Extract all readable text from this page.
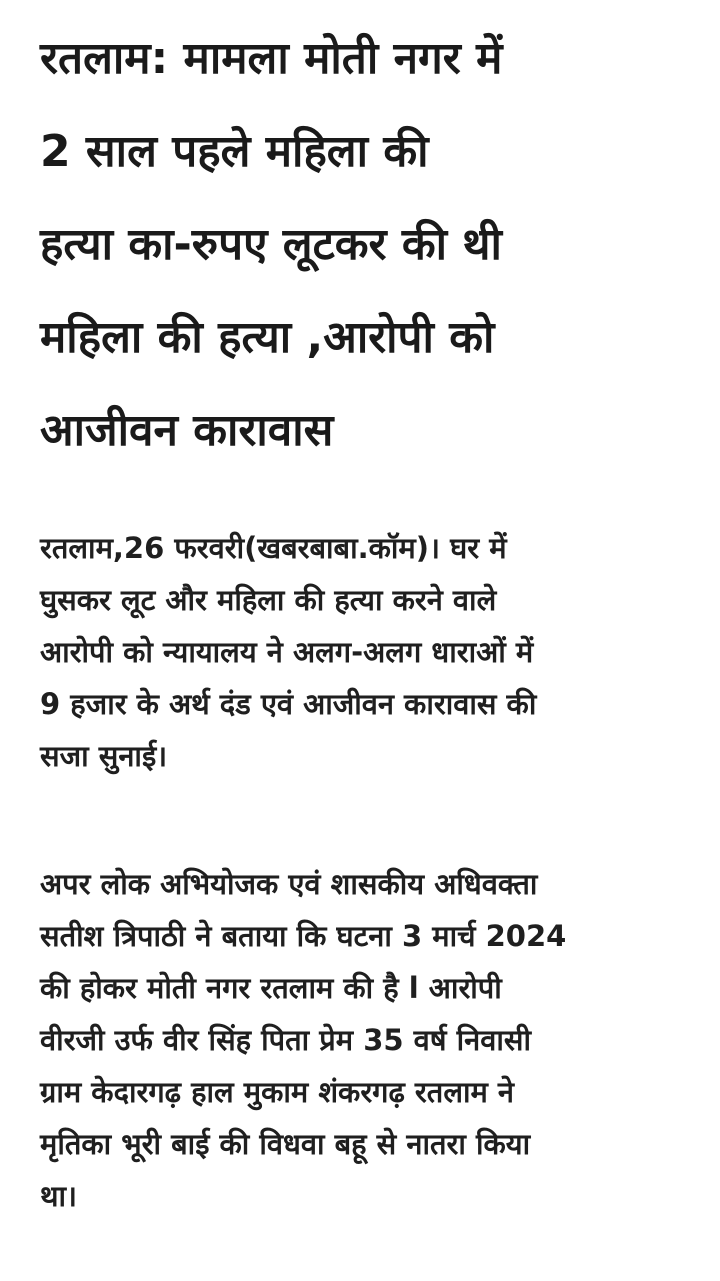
रतलाम: मामला मोती नगर में
2 साल पहले महिला की
हत्या का-रुपए लूटकर की थी
महिला की हत्या ,आरोपी को
आजीवन कारावास

रतलाम,26 फरवरी(खबरबाबा.कॉम)। घर में
घुसकर लूट और महिला की हत्या करने वाले
आरोपी को न्यायालय ने अलग-अलग धाराओं में
9 हजार के अर्थ दंड एवं आजीवन कारावास की
सजा सुनाई।

अपर लोक अभियोजक एवं शासकीय अधिवक्ता
सतीश त्रिपाठी ने बताया कि घटना 3 मार्च 2024
की होकर मोती नगर रतलाम की है l आरोपी
वीरजी उर्फ वीर सिंह पिता प्रेम 35 वर्ष निवासी
ग्राम केदारगढ़ हाल मुकाम शंकरगढ़ रतलाम ने
मृतिका भूरी बाई की विधवा बहू से नातरा किया
था।
